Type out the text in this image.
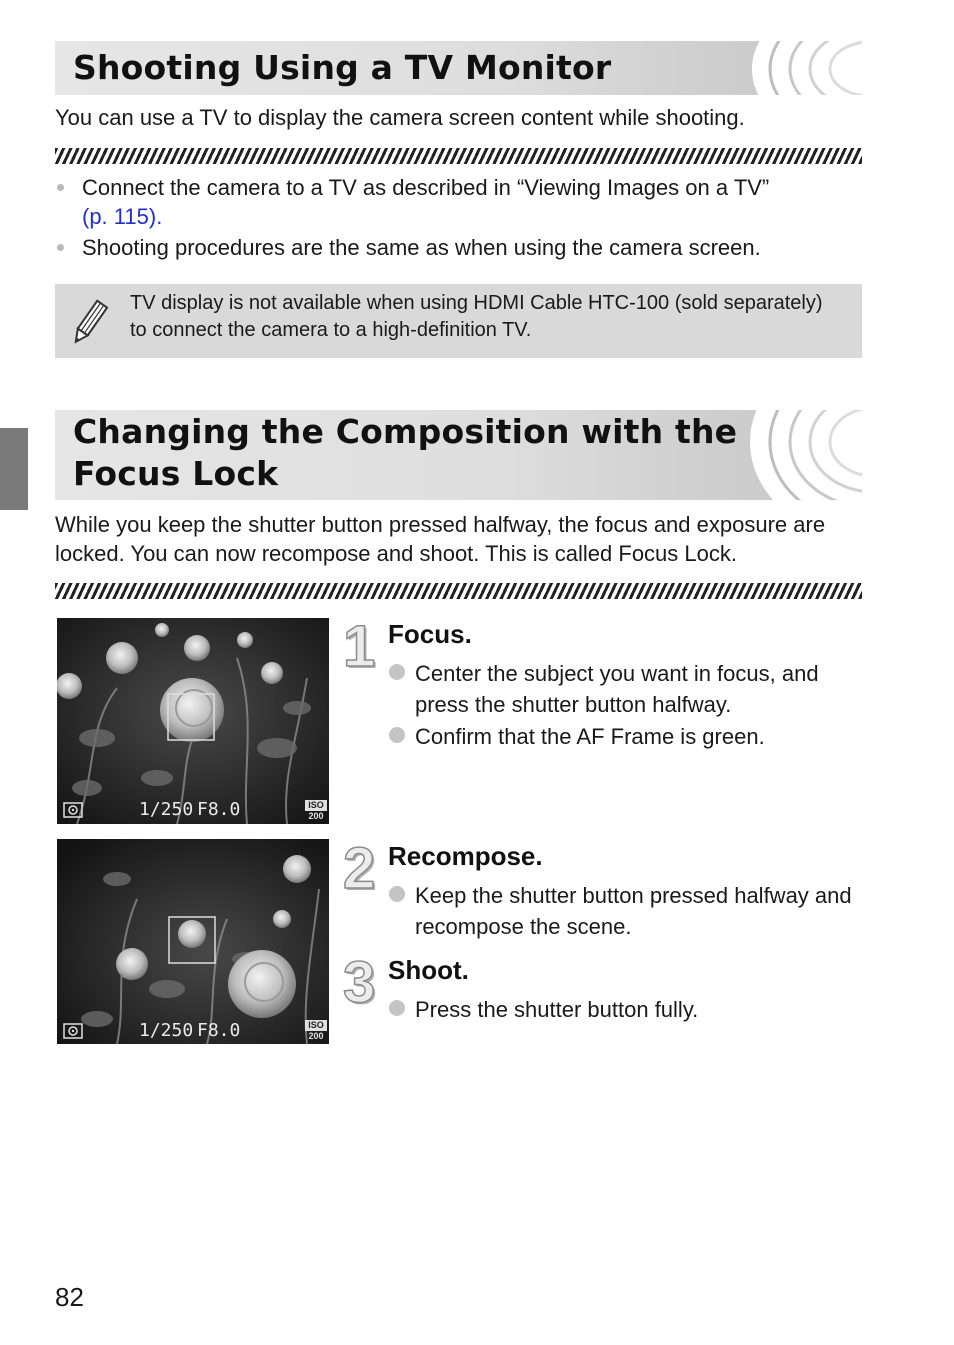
Shooting Using a TV Monitor
You can use a TV to display the camera screen content while shooting.
Connect the camera to a TV as described in “Viewing Images on a TV”
(p. 115).
Shooting procedures are the same as when using the camera screen.
TV display is not available when using HDMI Cable HTC-100 (sold separately) to connect the camera to a high-definition TV.
Changing the Composition with the
Focus Lock
While you keep the shutter button pressed halfway, the focus and exposure are locked. You can now recompose and shoot. This is called Focus Lock.
1/250 F8.0	ISO
200
1/250 F8.0	ISO
200
1 Focus.
Center the subject you want in focus, and press the shutter button halfway.
Confirm that the AF Frame is green.
2 Recompose.
Keep the shutter button pressed halfway and recompose the scene.
3 Shoot.
Press the shutter button fully.
82
